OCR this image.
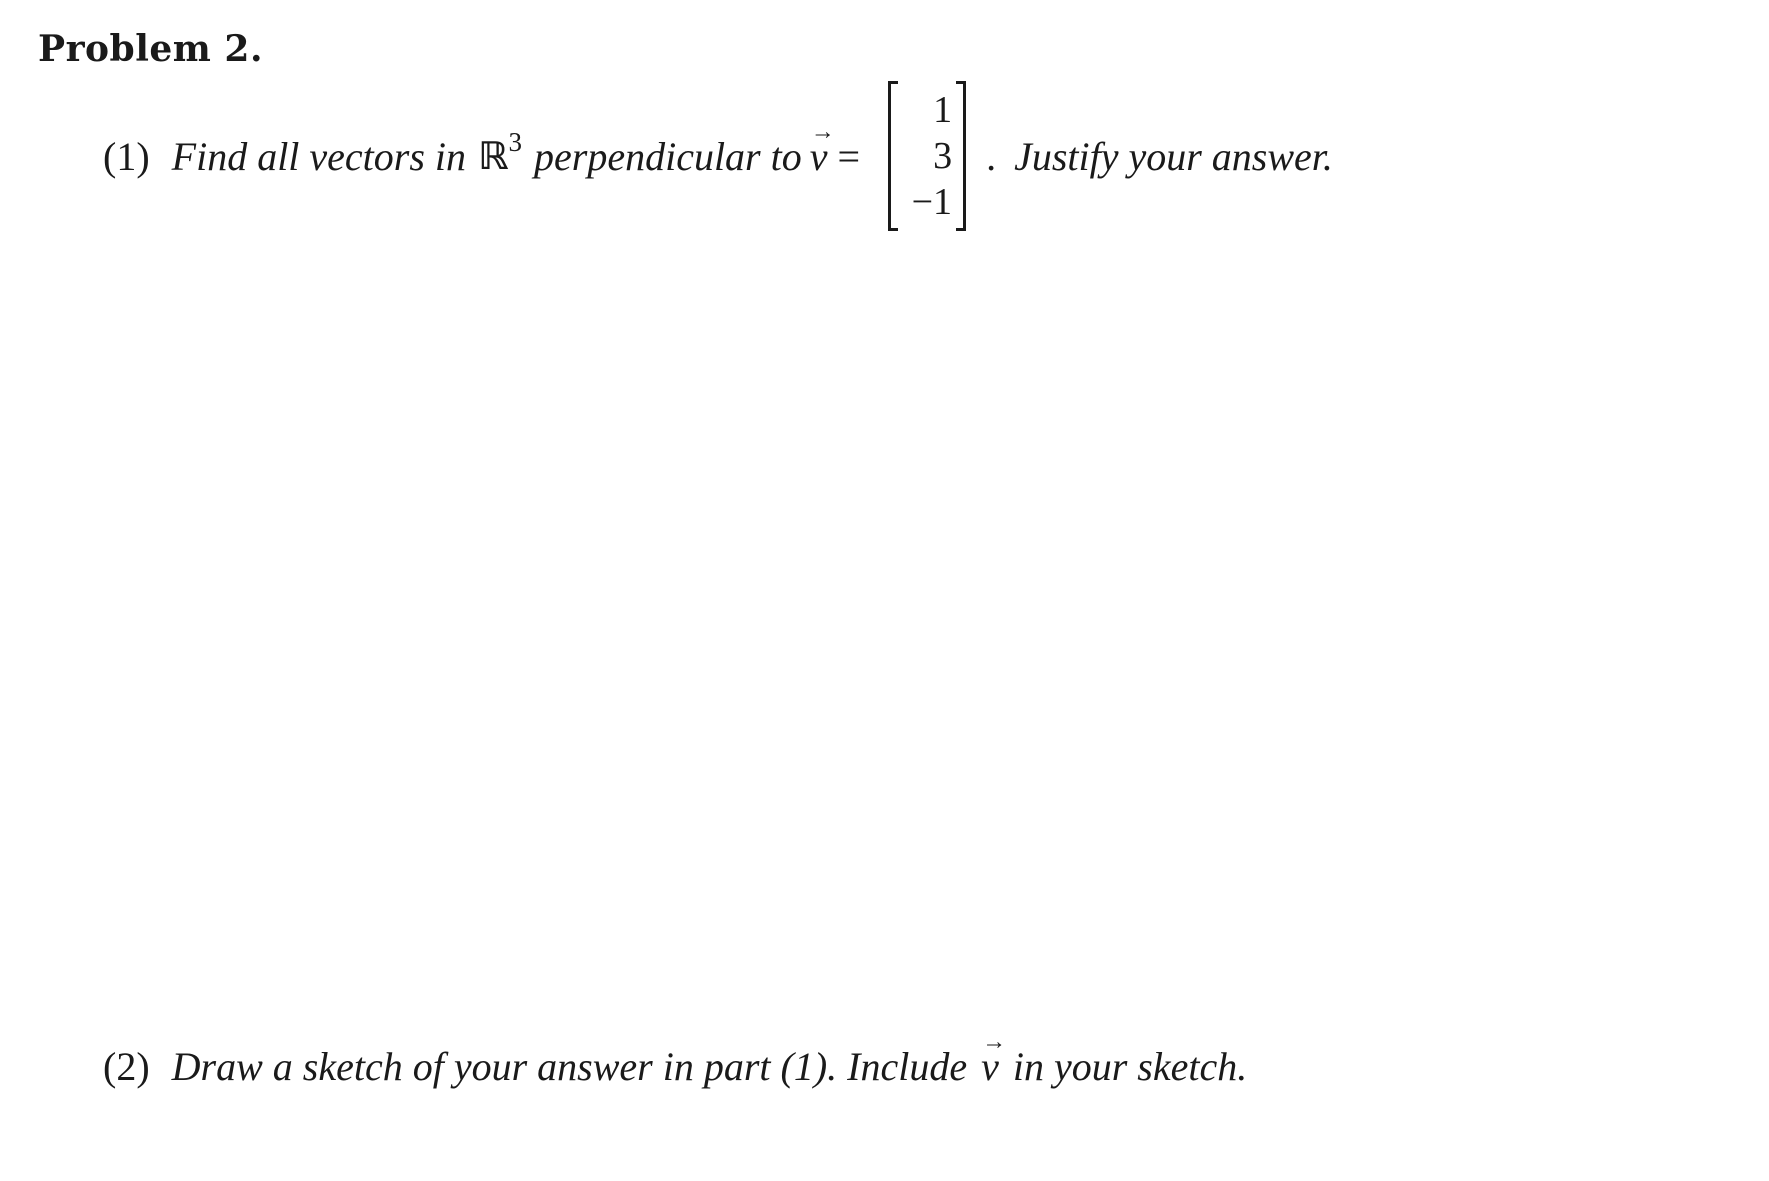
Problem 2.
(1) Find all vectors in ℝ 3 perpendicular to
→
v =
1
3
−1
. Justify your answer.
(2) Draw a sketch of your answer in part (1). Include
→
v in your sketch.
